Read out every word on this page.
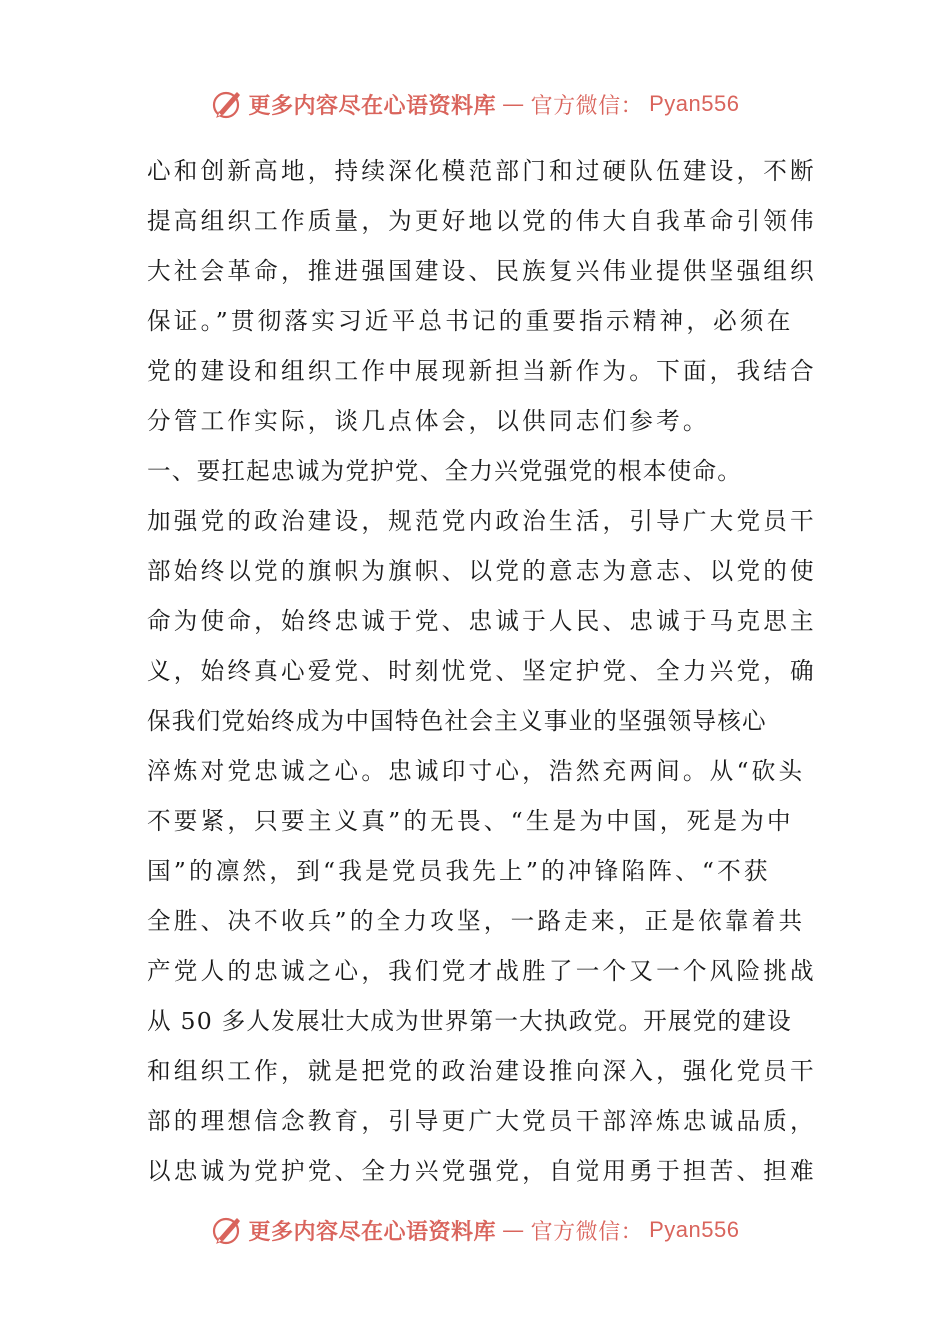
更多内容尽在心语资料库 — 官方微信： Pyan556
心和创新高地，持续深化模范部门和过硬队伍建设，不断
提高组织工作质量，为更好地以党的伟大自我革命引领伟
大社会革命，推进强国建设、民族复兴伟业提供坚强组织
保证。”贯彻落实习近平总书记的重要指示精神，必须在
党的建设和组织工作中展现新担当新作为。下面，我结合
分管工作实际，谈几点体会，以供同志们参考。
一、要扛起忠诚为党护党、全力兴党强党的根本使命。
加强党的政治建设，规范党内政治生活，引导广大党员干
部始终以党的旗帜为旗帜、以党的意志为意志、以党的使
命为使命，始终忠诚于党、忠诚于人民、忠诚于马克思主
义，始终真心爱党、时刻忧党、坚定护党、全力兴党，确
保我们党始终成为中国特色社会主义事业的坚强领导核心
淬炼对党忠诚之心。忠诚印寸心，浩然充两间。从“砍头
不要紧，只要主义真”的无畏、“生是为中国，死是为中
国”的凛然，到“我是党员我先上”的冲锋陷阵、“不获
全胜、决不收兵”的全力攻坚，一路走来，正是依靠着共
产党人的忠诚之心，我们党才战胜了一个又一个风险挑战
从 50 多人发展壮大成为世界第一大执政党。开展党的建设
和组织工作，就是把党的政治建设推向深入，强化党员干
部的理想信念教育，引导更广大党员干部淬炼忠诚品质，
以忠诚为党护党、全力兴党强党，自觉用勇于担苦、担难
更多内容尽在心语资料库 — 官方微信： Pyan556
